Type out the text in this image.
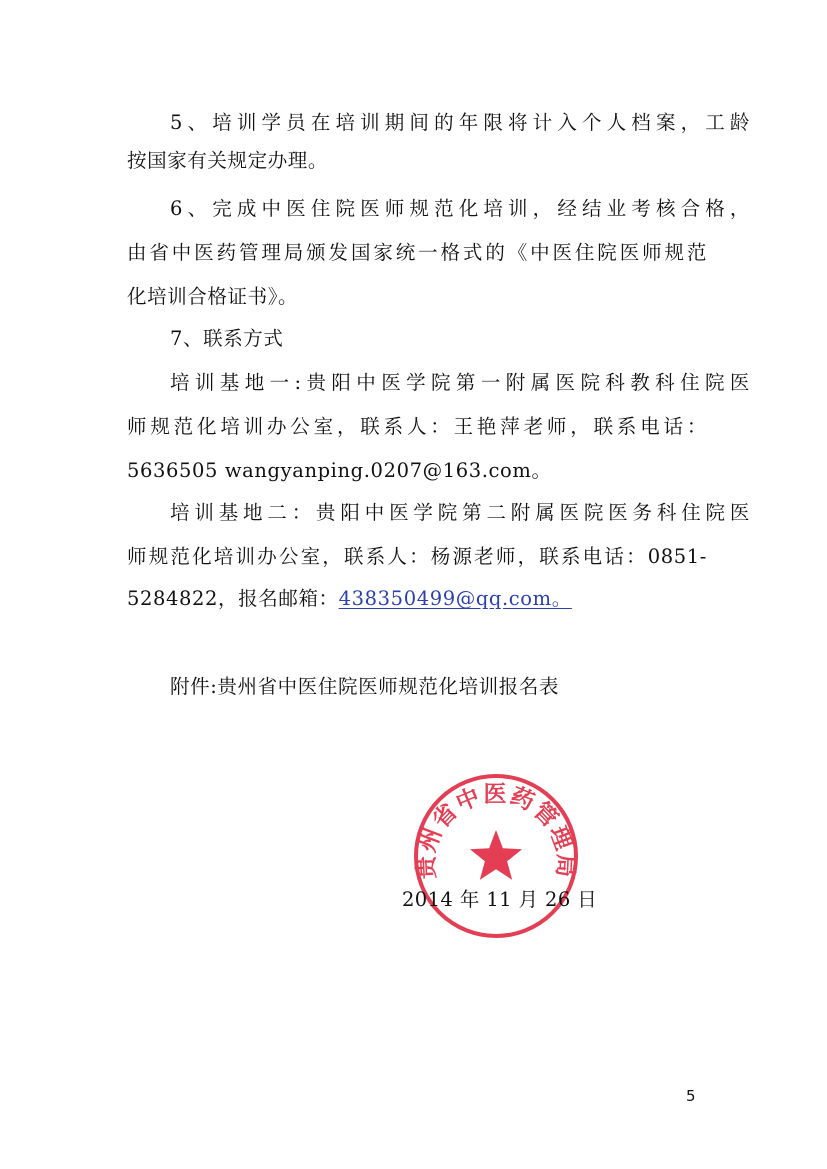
5、培训学员在培训期间的年限将计入个人档案，工龄
按国家有关规定办理。
6、完成中医住院医师规范化培训，经结业考核合格，
由省中医药管理局颁发国家统一格式的《中医住院医师规范
化培训合格证书》。
7、联系方式
培训基地一:贵阳中医学院第一附属医院科教科住院医
师规范化培训办公室，联系人：王艳萍老师，联系电话：
5636505 wangyanping.0207@163.com。
培训基地二：贵阳中医学院第二附属医院医务科住院医
师规范化培训办公室，联系人：杨源老师，联系电话：0851-
5284822，报名邮箱：438350499@qq.com。
附件:贵州省中医住院医师规范化培训报名表
贵州省中医药管理局
2014 年 11 月 26 日
5
